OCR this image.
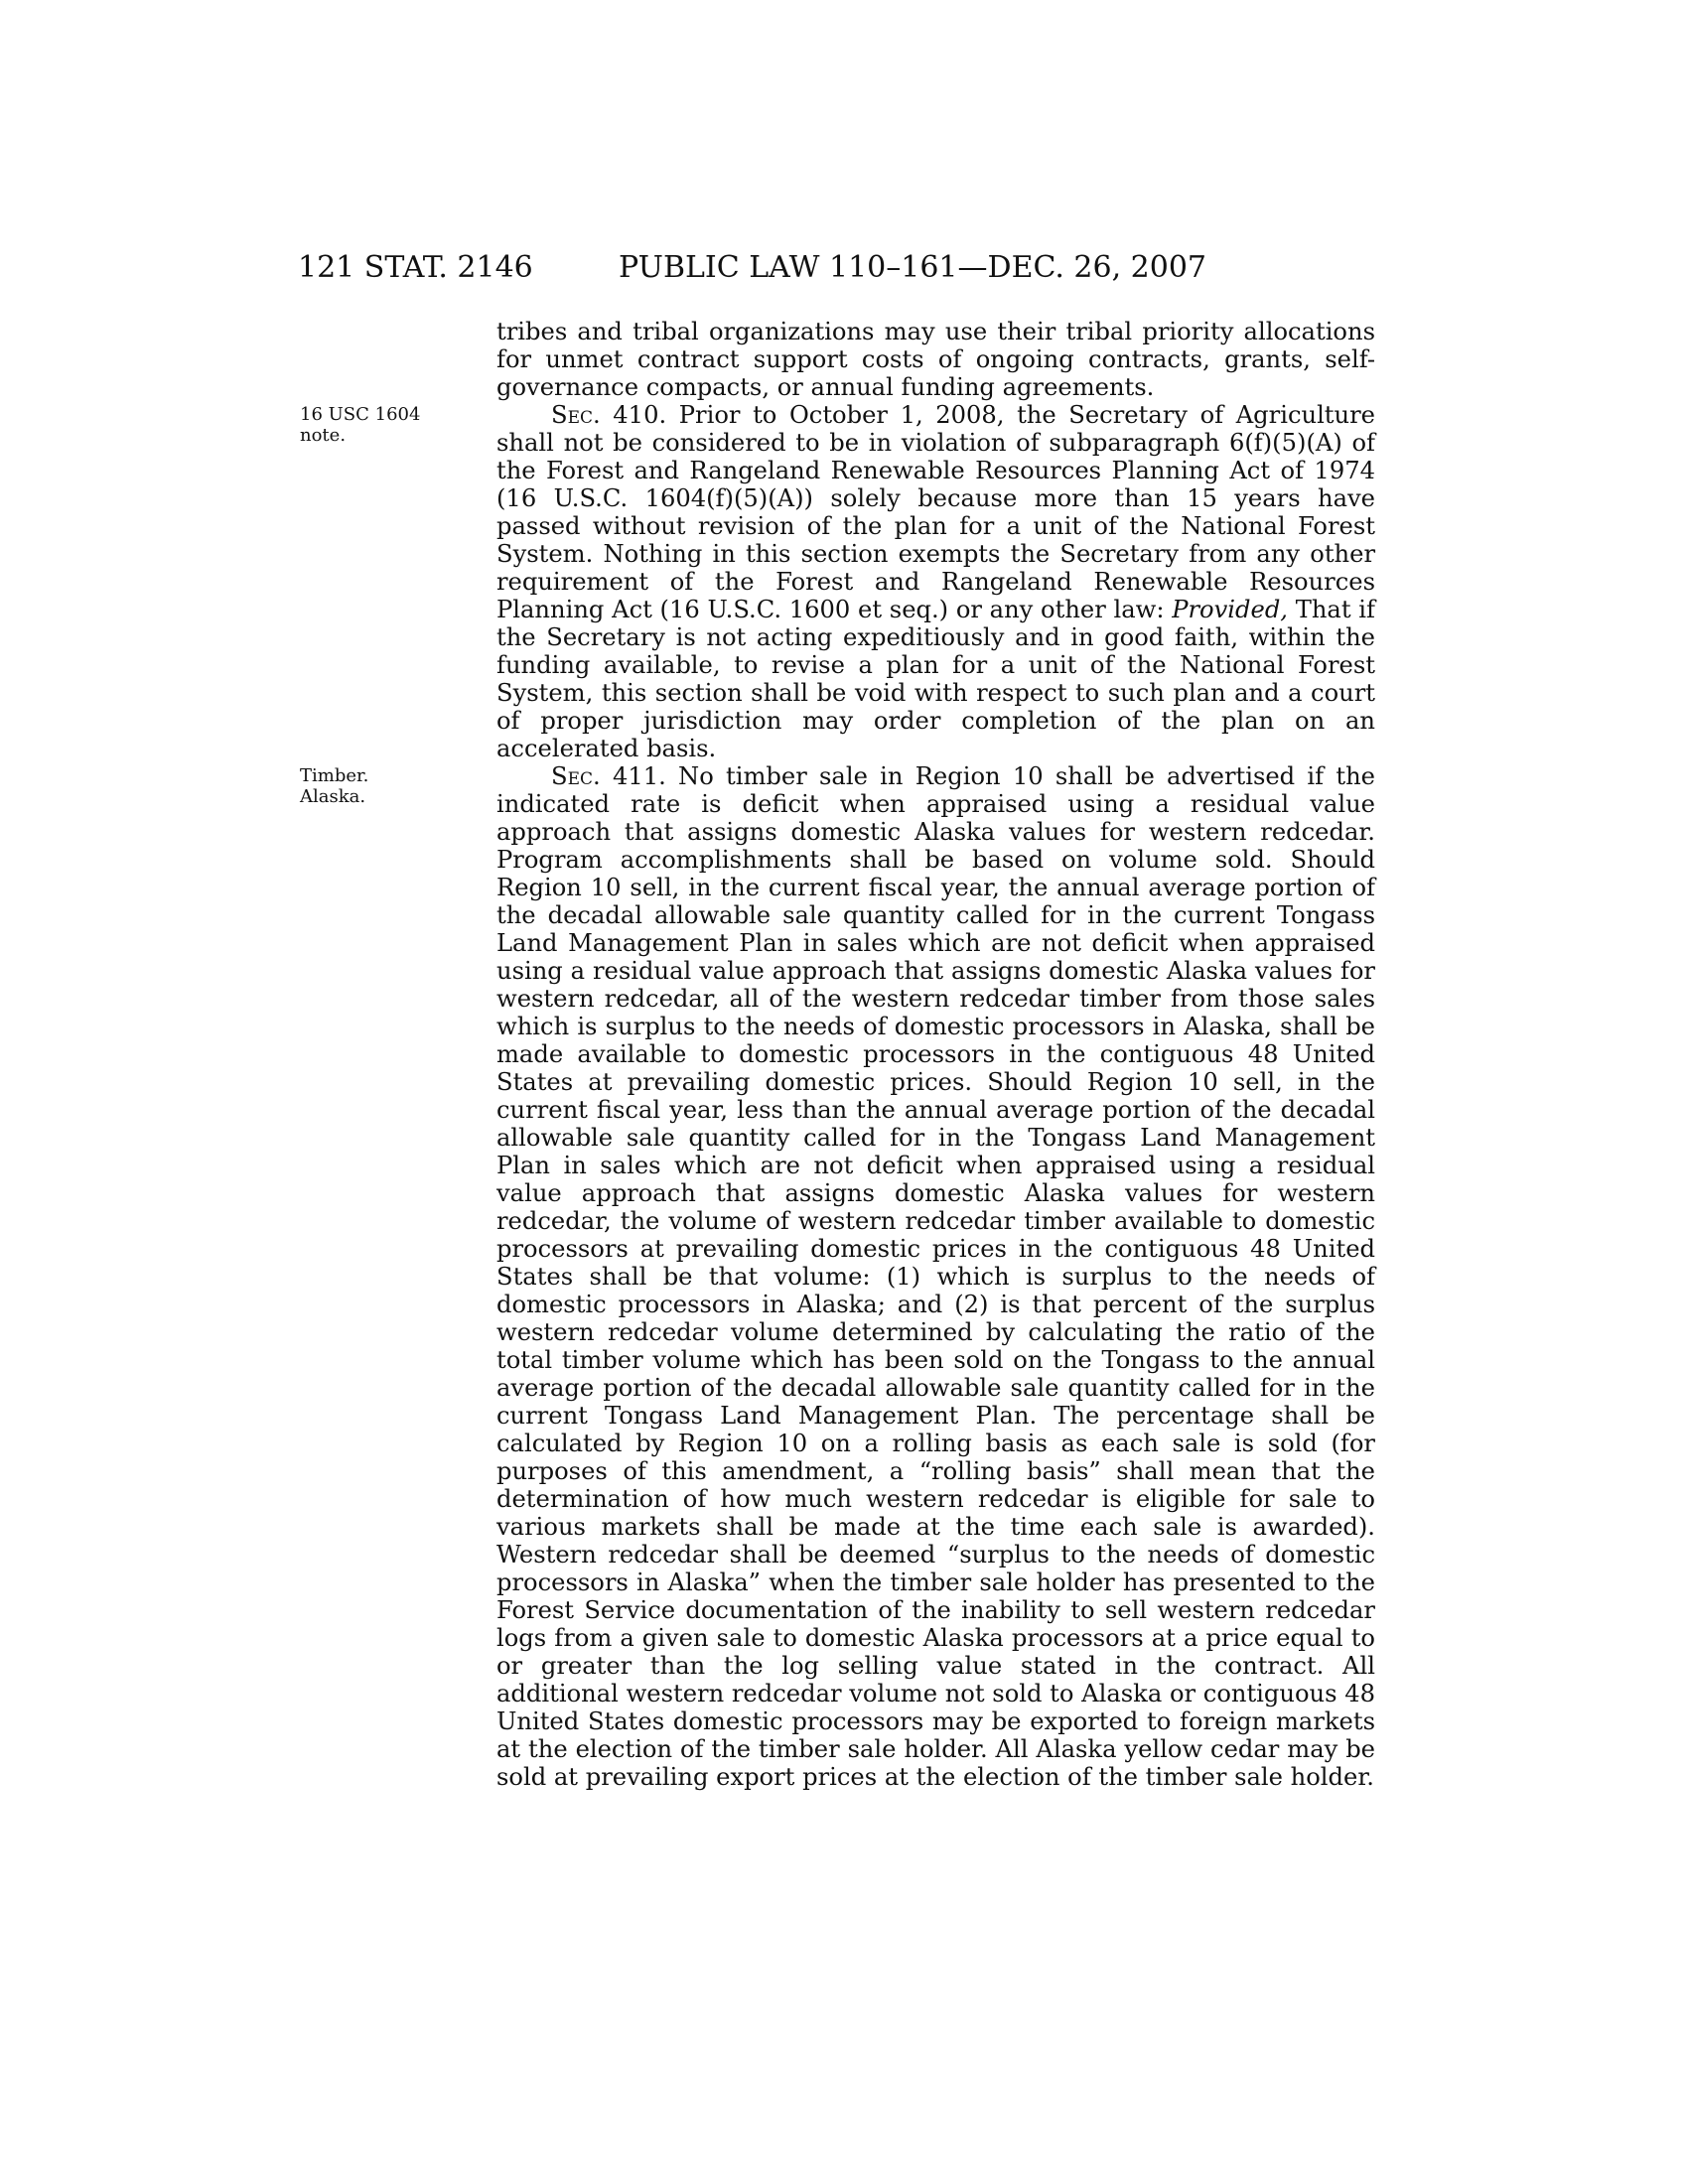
121 STAT. 2146	PUBLIC LAW 110–161—DEC. 26, 2007
16 USC 1604
note.
Timber.
Alaska.

tribes and tribal organizations may use their tribal priority allocations for unmet contract support costs of ongoing contracts, grants, self-governance compacts, or annual funding agreements.

Sec. 410. Prior to October 1, 2008, the Secretary of Agriculture shall not be considered to be in violation of subparagraph 6(f)(5)(A) of the Forest and Rangeland Renewable Resources Planning Act of 1974 (16 U.S.C. 1604(f)(5)(A)) solely because more than 15 years have passed without revision of the plan for a unit of the National Forest System. Nothing in this section exempts the Secretary from any other requirement of the Forest and Rangeland Renewable Resources Planning Act (16 U.S.C. 1600 et seq.) or any other law: Provided, That if the Secretary is not acting expeditiously and in good faith, within the funding available, to revise a plan for a unit of the National Forest System, this section shall be void with respect to such plan and a court of proper jurisdiction may order completion of the plan on an accelerated basis.

Sec. 411. No timber sale in Region 10 shall be advertised if the indicated rate is deficit when appraised using a residual value approach that assigns domestic Alaska values for western redcedar. Program accomplishments shall be based on volume sold. Should Region 10 sell, in the current fiscal year, the annual average portion of the decadal allowable sale quantity called for in the current Tongass Land Management Plan in sales which are not deficit when appraised using a residual value approach that assigns domestic Alaska values for western redcedar, all of the western redcedar timber from those sales which is surplus to the needs of domestic processors in Alaska, shall be made available to domestic processors in the contiguous 48 United States at prevailing domestic prices. Should Region 10 sell, in the current fiscal year, less than the annual average portion of the decadal allowable sale quantity called for in the Tongass Land Management Plan in sales which are not deficit when appraised using a residual value approach that assigns domestic Alaska values for western redcedar, the volume of western redcedar timber available to domestic processors at prevailing domestic prices in the contiguous 48 United States shall be that volume: (1) which is surplus to the needs of domestic processors in Alaska; and (2) is that percent of the surplus western redcedar volume determined by calculating the ratio of the total timber volume which has been sold on the Tongass to the annual average portion of the decadal allowable sale quantity called for in the current Tongass Land Management Plan. The percentage shall be calculated by Region 10 on a rolling basis as each sale is sold (for purposes of this amendment, a “rolling basis” shall mean that the determination of how much western redcedar is eligible for sale to various markets shall be made at the time each sale is awarded). Western redcedar shall be deemed “surplus to the needs of domestic processors in Alaska” when the timber sale holder has presented to the Forest Service documentation of the inability to sell western redcedar logs from a given sale to domestic Alaska processors at a price equal to or greater than the log selling value stated in the contract. All additional western redcedar volume not sold to Alaska or contiguous 48 United States domestic processors may be exported to foreign markets at the election of the timber sale holder. All Alaska yellow cedar may be sold at prevailing export prices at the election of the timber sale holder.
